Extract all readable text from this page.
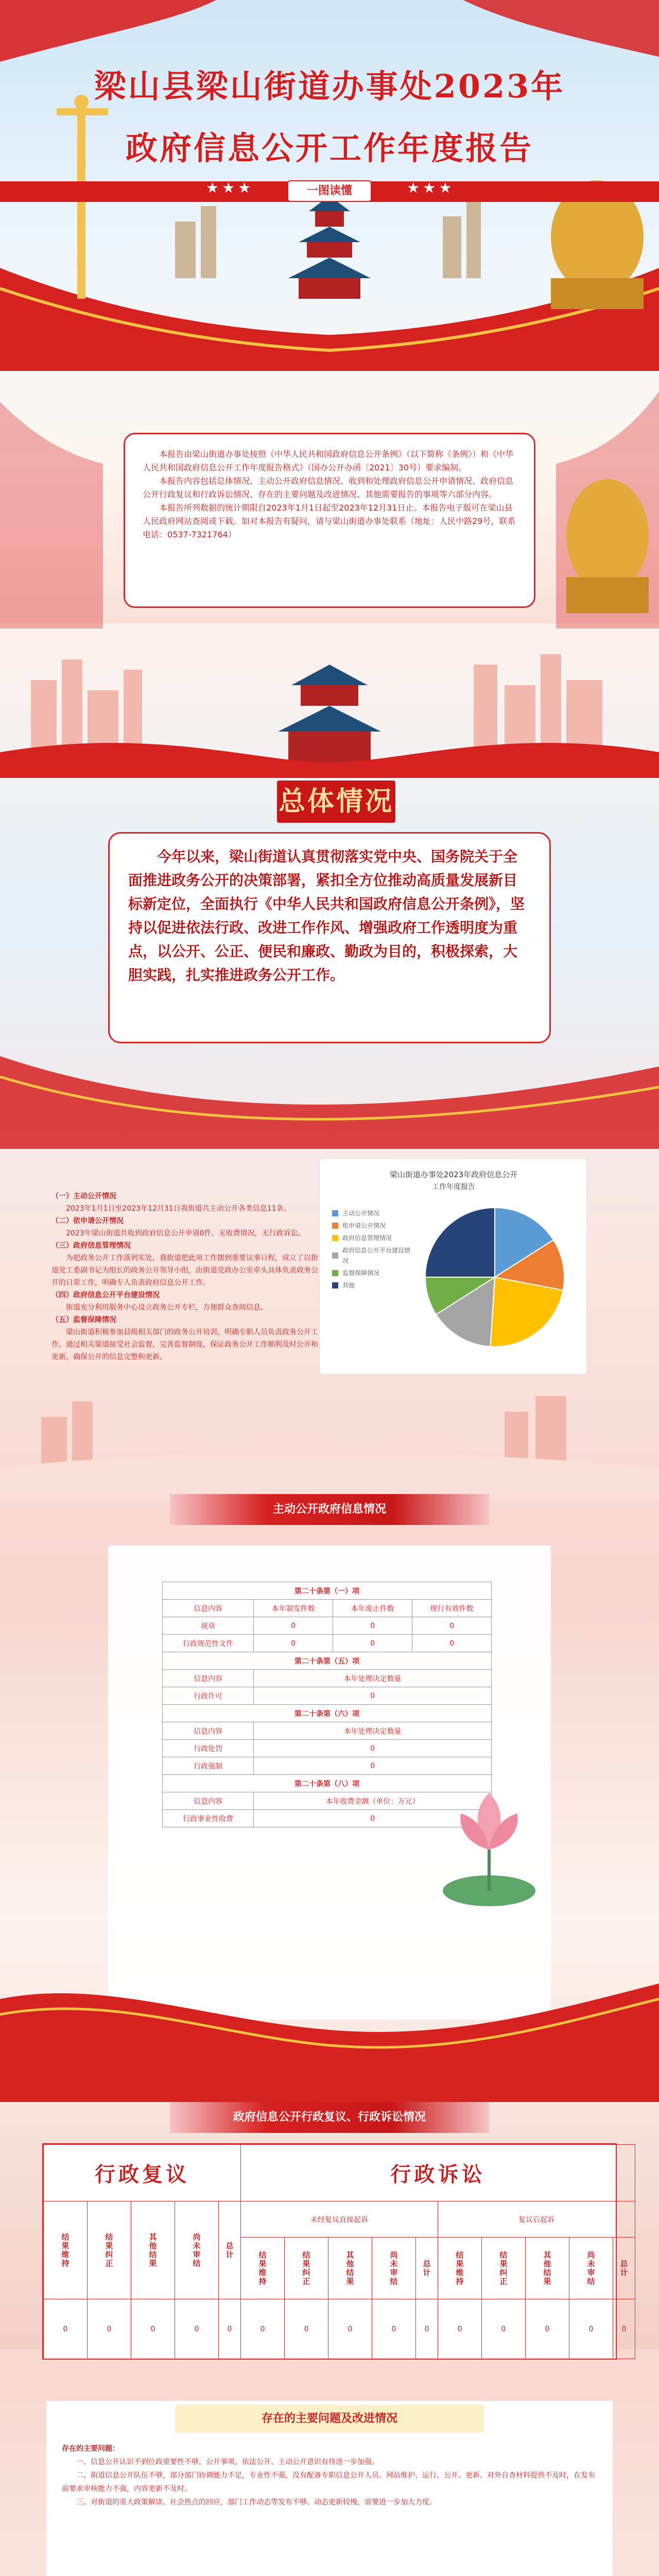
梁山县梁山街道办事处2023年
政府信息公开工作年度报告
★★★	★★★
一图读懂

本报告由梁山街道办事处按照《中华人民共和国政府信息公开条例》（以下简称《条例》）和《中华人民共和国政府信息公开工作年度报告格式》（国办公开办函〔2021〕30号）要求编制。

本报告内容包括总体情况、主动公开政府信息情况、收到和处理政府信息公开申请情况、政府信息公开行政复议和行政诉讼情况、存在的主要问题及改进情况、其他需要报告的事项等六部分内容。

本报告所列数据的统计期限自2023年1月1日起至2023年12月31日止。本报告电子版可在梁山县人民政府网站查阅或下载。如对本报告有疑问，请与梁山街道办事处联系（地址：人民中路29号，联系电话：0537-7321764）

总体情况

今年以来，梁山街道认真贯彻落实党中央、国务院关于全面推进政务公开的决策部署，紧扣全方位推动高质量发展新目标新定位，全面执行《中华人民共和国政府信息公开条例》，坚持以促进依法行政、改进工作作风、增强政府工作透明度为重点，以公开、公正、便民和廉政、勤政为目的，积极探索，大胆实践，扎实推进政务公开工作。

（一）主动公开情况
2023年1月1日至2023年12月31日我街道共主动公开各类信息11条。
（二）依申请公开情况
2023年梁山街道共收到政府信息公开申请0件，无收费情况，无行政诉讼。
（三）政府信息管理情况
为把政务公开工作落到实处，我街道把此项工作摆到重要议事日程，成立了以街道党工委副书记为组长的政务公开领导小组，由街道党政办公室牵头具体负责政务公开的日常工作，明确专人负责政府信息公开工作。
（四）政府信息公开平台建设情况
街道充分利用服务中心设立政务公开专栏，方便群众查阅信息。
（五）监督保障情况
梁山街道积极参加县级相关部门的政务公开培训，明确专职人员负责政务公开工作，通过相关渠道接受社会监督，完善监督制度，保证政务公开工作顺利及时公开和更新，确保公开的信息完整和更新。
梁山街道办事处2023年政府信息公开
工作年度报告
主动公开情况
依申请公开情况
政府信息管理情况
政府信息公开平台建设情况
监督保障情况
其他
主动公开政府信息情况
第二十条第（一）项			
信息内容	本年制发件数	本年废止件数	现行有效件数
规章	0	0	0
行政规范性文件	0	0	0
第二十条第（五）项			
信息内容	本年处理决定数量		
行政许可	0		
第二十条第（六）项			
信息内容	本年处理决定数量		
行政处罚	0		
行政强制	0		
第二十条第（八）项			
信息内容	本年收费金额（单位：万元）		
行政事业性收费	0		
政府信息公开行政复议、行政诉讼情况
行政复议					行政诉讼									
结果维持	结果纠正	其他结果	尚未审结	总计	未经复议直接起诉					复议后起诉				
					结果维持	结果纠正	其他结果	尚未审结	总计	结果维持	结果纠正	其他结果	尚未审结	总计
0	0	0	0	0	0	0	0	0	0	0	0	0	0	0
存在的主要问题及改进情况

存在的主要问题：

一、信息公开认识不到位政重要性不够，公开事项，依法公开、主动公开意识有待进一步加强。

二、街道信息公开队伍不够，部分部门协调能力不足，专业性不强，没有配备专职信息公开人员。网站维护、运行、公开、更新、对外自查材料提供不及时，在发布前要求审核能力不强，内容更新不及时。

三、对街道的重大政策解读、社会热点的回应，部门工作动态等发布不够。动态更新较慢，需要进一步加大力度。
